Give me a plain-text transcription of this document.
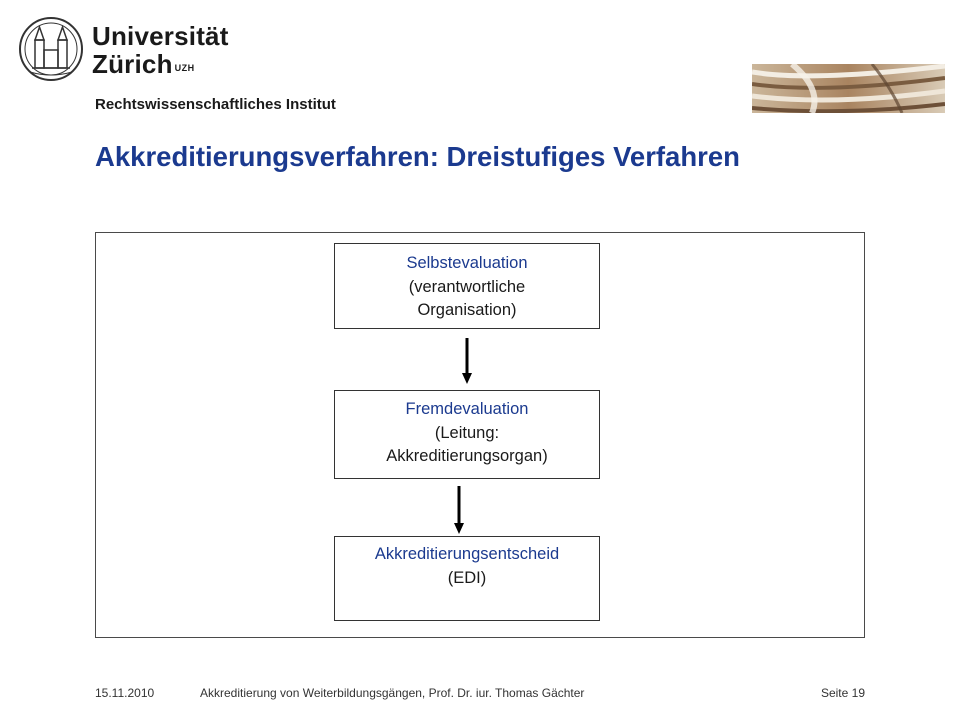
Universität
Zürich $^{UZH}$
Rechtswissenschaftliches Institut
Akkreditierungsverfahren: Dreistufiges Verfahren
Selbstevaluation
(verantwortliche
Organisation)
Fremdevaluation
(Leitung:
Akkreditierungsorgan)
Akkreditierungsentscheid
(EDI)
15.11.2010	Akkreditierung von Weiterbildungsgängen, Prof. Dr. iur. Thomas Gächter	Seite 19
